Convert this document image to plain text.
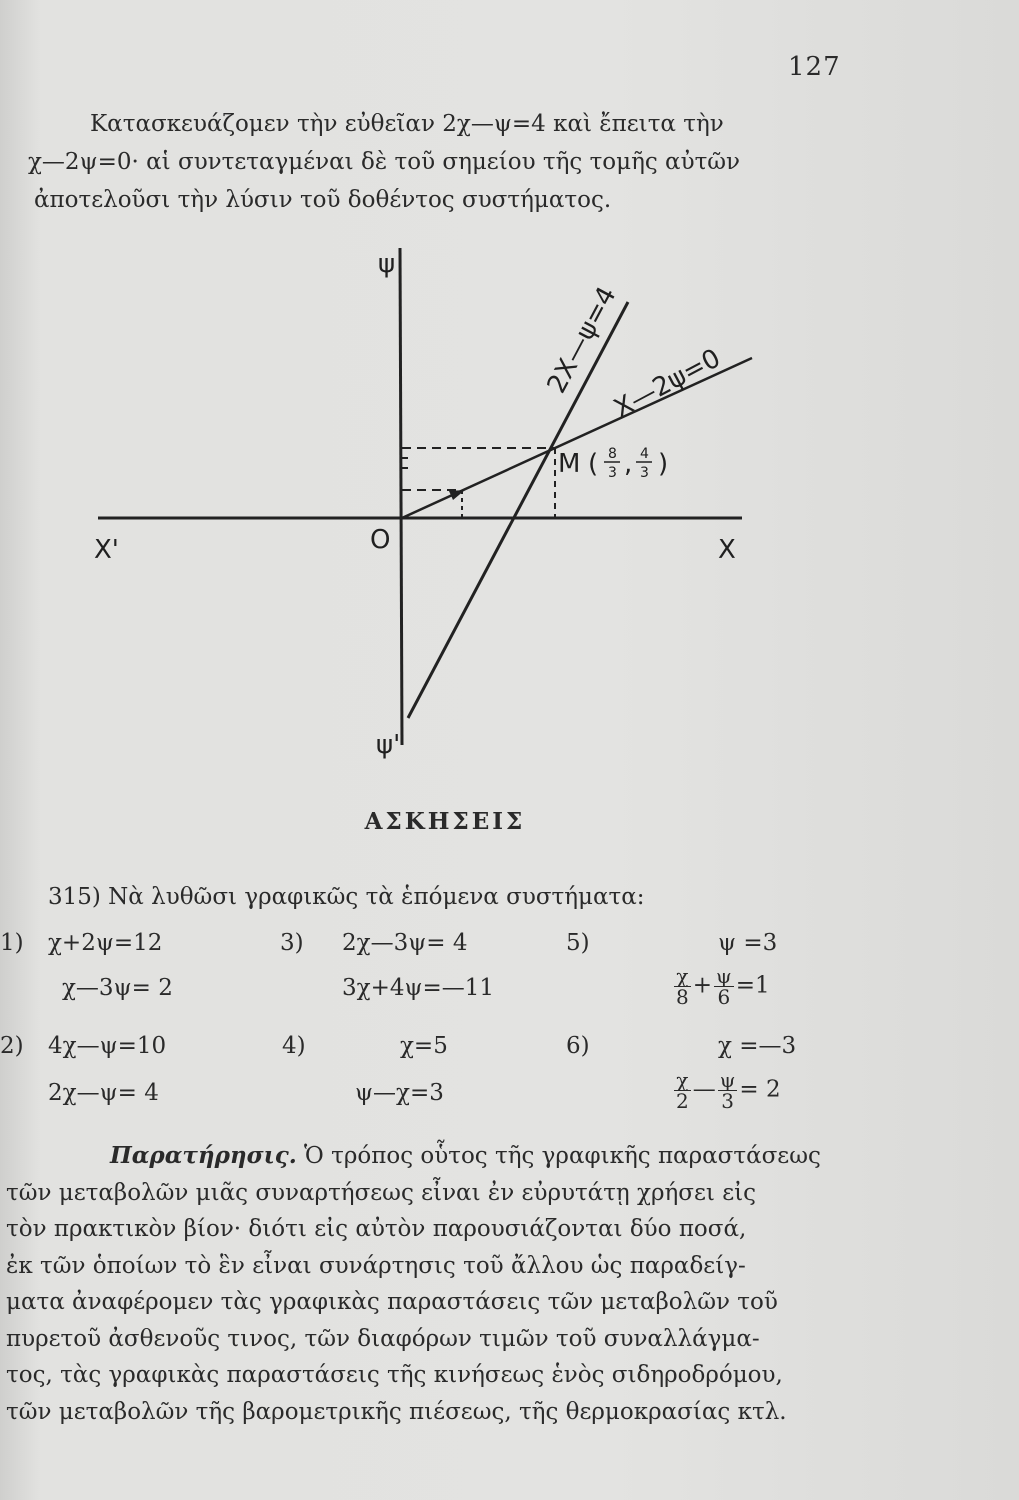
127
Κατασκευάζομεν τὴν εὐθεῖαν 2χ—ψ=4 καὶ ἔπειτα τὴν
χ—2ψ=0· αἱ συντεταγμέναι δὲ τοῦ σημείου τῆς τομῆς αὐτῶν
ἀποτελοῦσι τὴν λύσιν τοῦ δοθέντος συστήματος.
ψ
ψ'
Χ'	Χ
Ο
2Χ—ψ=4
Χ—2ψ=0
Μ ( 8
3 , 4
3 )
ΑΣΚΗΣΕΙΣ
315) Νὰ λυθῶσι γραφικῶς τὰ ἑπόμενα συστήματα:
1) χ+2ψ=12
χ—3ψ= 2
2) 4χ—ψ=10
2χ—ψ= 4
3) 2χ—3ψ= 4
3χ+4ψ=—11
4)	χ=5
ψ—χ=3
5)	ψ =3
$\frac{\chi}{8} + \frac{\psi}{6} =1$
6)	χ =—3
$\frac{\chi}{2}$ — $\frac{\psi}{3} = 2$
Παρατήρησις. Ὁ τρόπος οὗτος τῆς γραφικῆς παραστάσεως
τῶν μεταβολῶν μιᾶς συναρτήσεως εἶναι ἐν εὐρυτάτῃ χρήσει εἰς
τὸν πρακτικὸν βίον· διότι εἰς αὐτὸν παρουσιάζονται δύο ποσά,
ἐκ τῶν ὁποίων τὸ ἓν εἶναι συνάρτησις τοῦ ἄλλου ὡς παραδείγ-
ματα ἀναφέρομεν τὰς γραφικὰς παραστάσεις τῶν μεταβολῶν τοῦ
πυρετοῦ ἀσθενοῦς τινος, τῶν διαφόρων τιμῶν τοῦ συναλλάγμα-
τος, τὰς γραφικὰς παραστάσεις τῆς κινήσεως ἑνὸς σιδηροδρόμου,
τῶν μεταβολῶν τῆς βαρομετρικῆς πιέσεως, τῆς θερμοκρασίας κτλ.
